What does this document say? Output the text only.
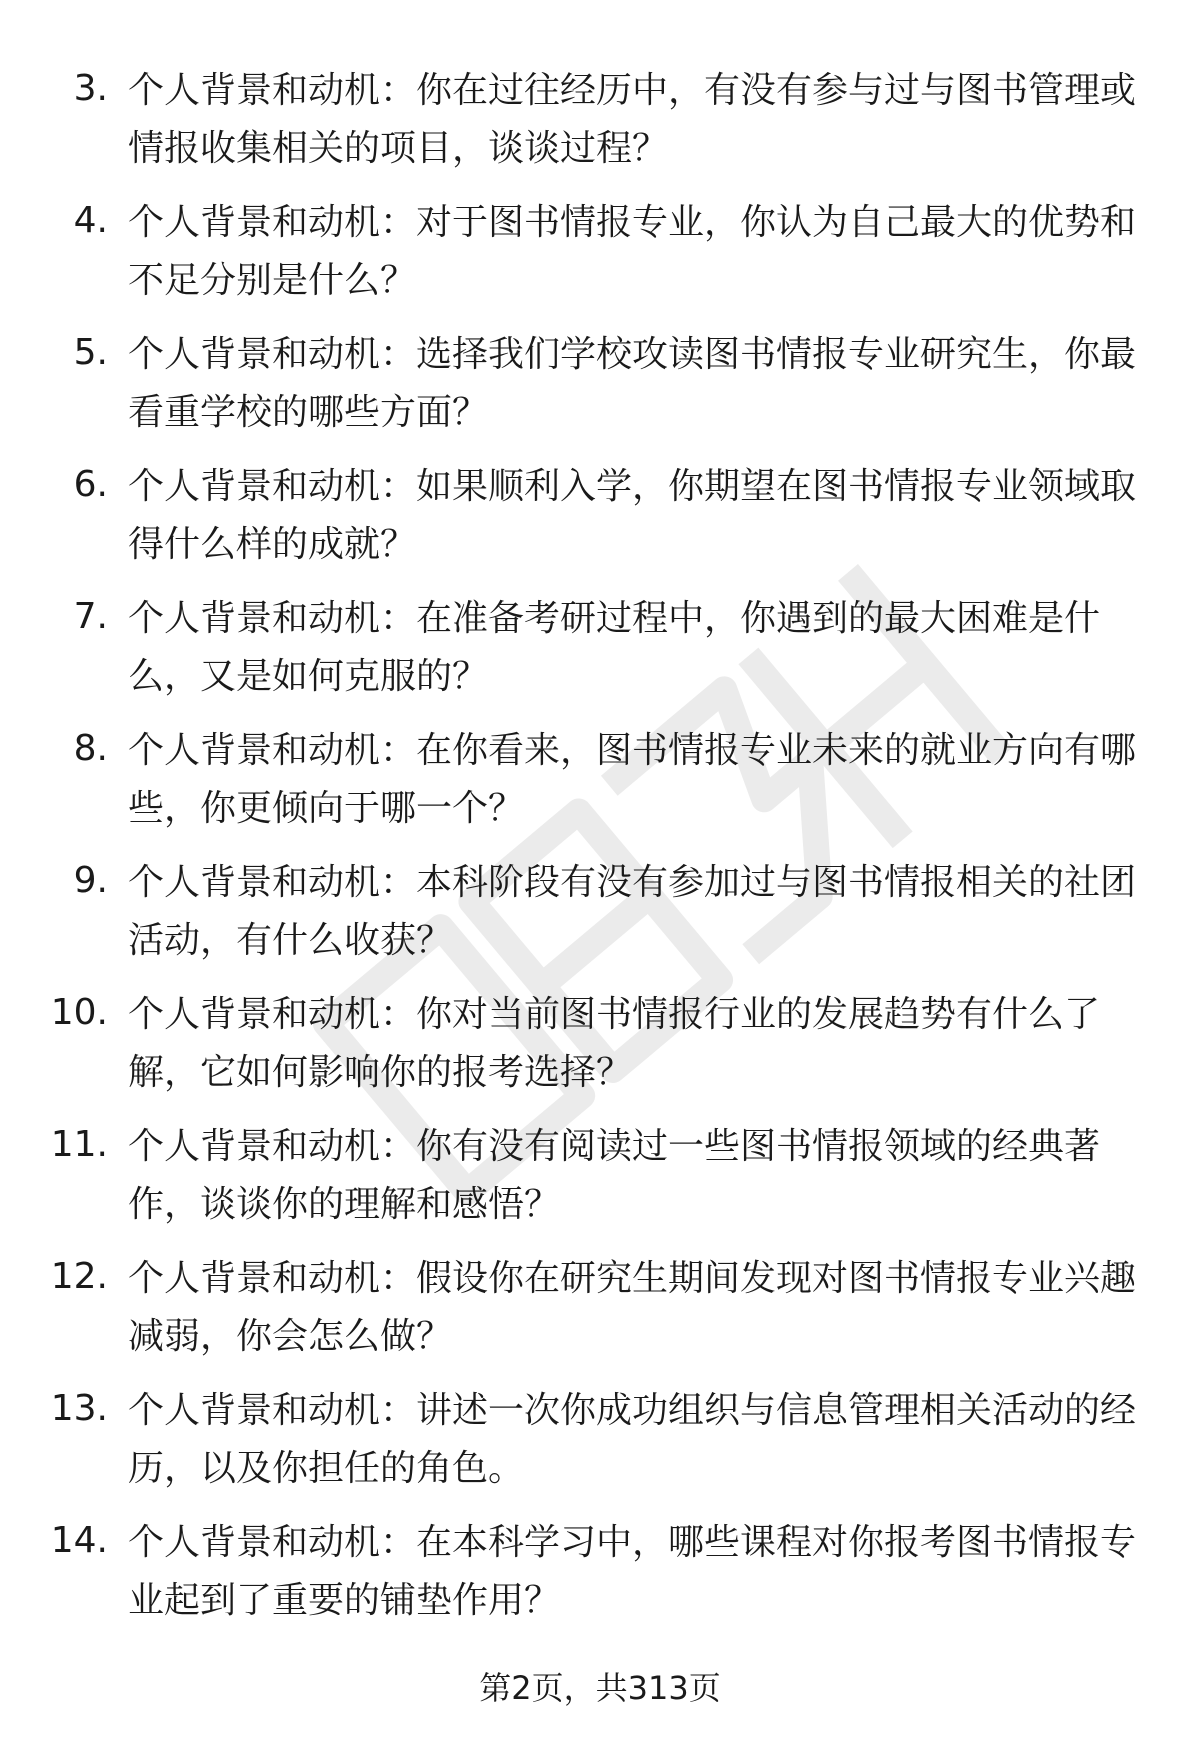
3. 个人背景和动机：你在过往经历中，有没有参与过与图书管理或情报收集相关的项目，谈谈过程？
4. 个人背景和动机：对于图书情报专业，你认为自己最大的优势和不足分别是什么？
5. 个人背景和动机：选择我们学校攻读图书情报专业研究生，你最看重学校的哪些方面？
6. 个人背景和动机：如果顺利入学，你期望在图书情报专业领域取得什么样的成就？
7. 个人背景和动机：在准备考研过程中，你遇到的最大困难是什么，又是如何克服的？
8. 个人背景和动机：在你看来，图书情报专业未来的就业方向有哪些，你更倾向于哪一个？
9. 个人背景和动机：本科阶段有没有参加过与图书情报相关的社团活动，有什么收获？
10. 个人背景和动机：你对当前图书情报行业的发展趋势有什么了解，它如何影响你的报考选择？
11. 个人背景和动机：你有没有阅读过一些图书情报领域的经典著作，谈谈你的理解和感悟？
12. 个人背景和动机：假设你在研究生期间发现对图书情报专业兴趣减弱，你会怎么做？
13. 个人背景和动机：讲述一次你成功组织与信息管理相关活动的经历，以及你担任的角色。
14. 个人背景和动机：在本科学习中，哪些课程对你报考图书情报专业起到了重要的铺垫作用？
第2页，共313页
